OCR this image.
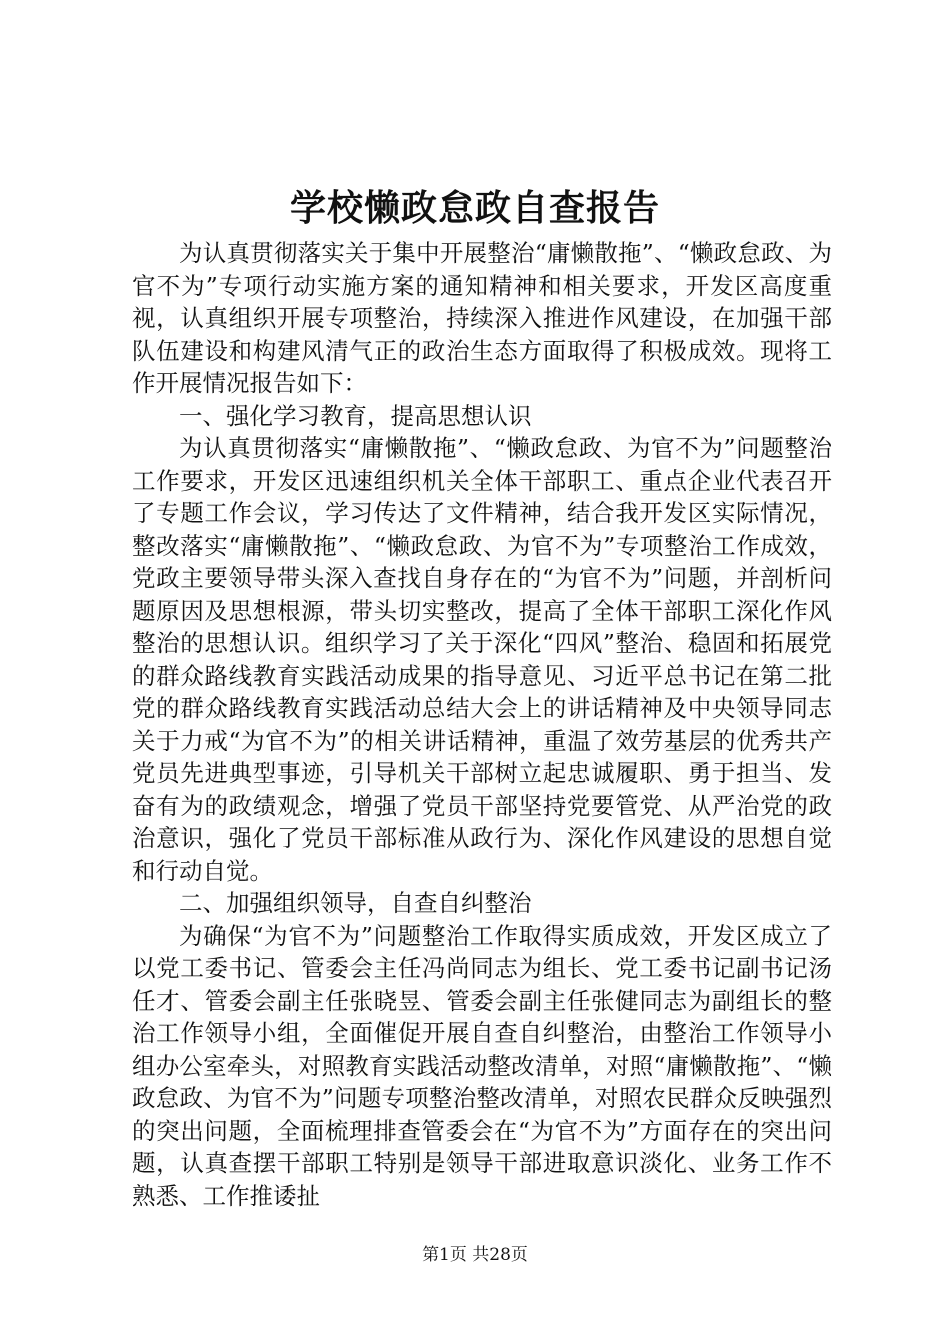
学校懒政怠政自查报告

为认真贯彻落实关于集中开展整治“庸懒散拖”、“懒政怠政、为官不为”专项行动实施方案的通知精神和相关要求，开发区高度重视，认真组织开展专项整治，持续深入推进作风建设，在加强干部队伍建设和构建风清气正的政治生态方面取得了积极成效。现将工作开展情况报告如下：

一、强化学习教育，提高思想认识

为认真贯彻落实“庸懒散拖”、“懒政怠政、为官不为”问题整治工作要求，开发区迅速组织机关全体干部职工、重点企业代表召开了专题工作会议，学习传达了文件精神，结合我开发区实际情况，整改落实“庸懒散拖”、“懒政怠政、为官不为”专项整治工作成效，党政主要领导带头深入查找自身存在的“为官不为”问题，并剖析问题原因及思想根源，带头切实整改，提高了全体干部职工深化作风整治的思想认识。组织学习了关于深化“四风”整治、稳固和拓展党的群众路线教育实践活动成果的指导意见、习近平总书记在第二批党的群众路线教育实践活动总结大会上的讲话精神及中央领导同志关于力戒“为官不为”的相关讲话精神，重温了效劳基层的优秀共产党员先进典型事迹，引导机关干部树立起忠诚履职、勇于担当、发奋有为的政绩观念，增强了党员干部坚持党要管党、从严治党的政治意识，强化了党员干部标准从政行为、深化作风建设的思想自觉和行动自觉。

二、加强组织领导，自查自纠整治

为确保“为官不为”问题整治工作取得实质成效，开发区成立了以党工委书记、管委会主任冯尚同志为组长、党工委书记副书记汤任才、管委会副主任张晓昱、管委会副主任张健同志为副组长的整治工作领导小组，全面催促开展自查自纠整治，由整治工作领导小组办公室牵头，对照教育实践活动整改清单，对照“庸懒散拖”、“懒政怠政、为官不为”问题专项整治整改清单，对照农民群众反映强烈的突出问题，全面梳理排查管委会在“为官不为”方面存在的突出问题，认真查摆干部职工特别是领导干部进取意识淡化、业务工作不熟悉、工作推诿扯

第1页 共28页
